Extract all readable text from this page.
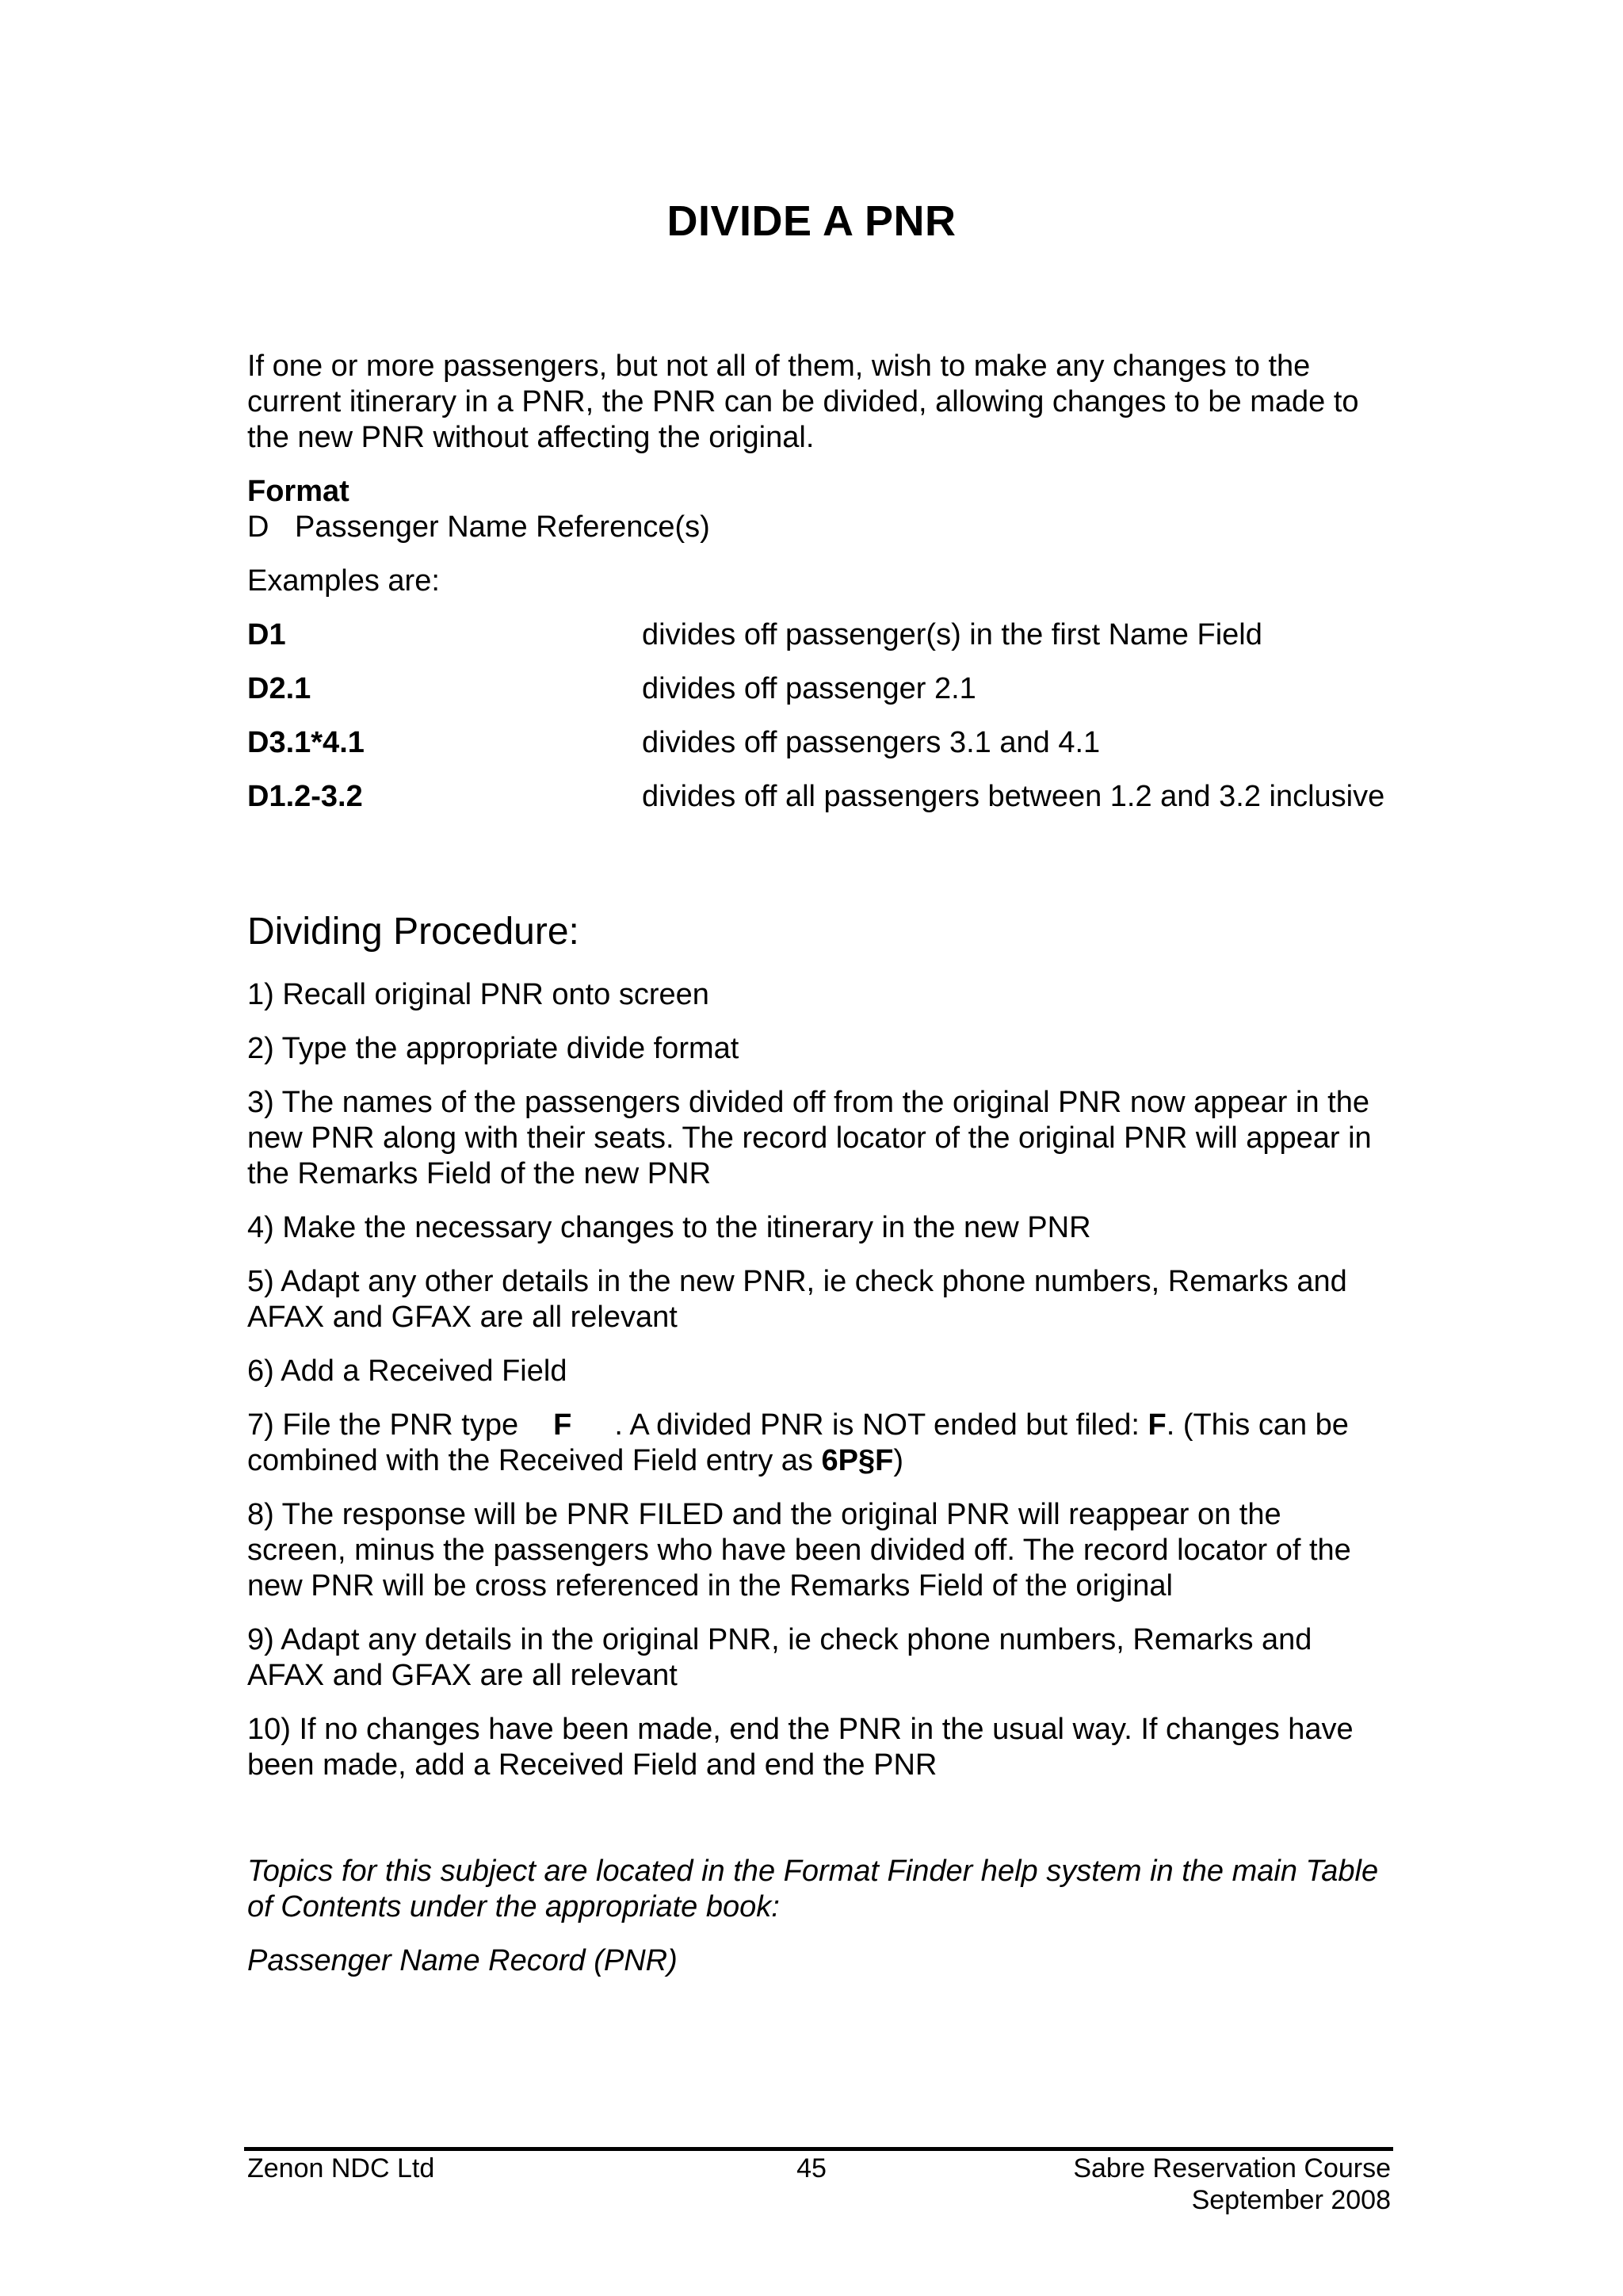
DIVIDE A PNR
If one or more passengers, but not all of them, wish to make any changes to the
current itinerary in a PNR, the PNR can be divided, allowing changes to be made to
the new PNR without affecting the original.
Format
D Passenger Name Reference(s)
Examples are:
D1	divides off passenger(s) in the first Name Field
D2.1	divides off passenger 2.1
D3.1*4.1	divides off passengers 3.1 and 4.1
D1.2-3.2	divides off all passengers between 1.2 and 3.2 inclusive
Dividing Procedure:
1) Recall original PNR onto screen
2) Type the appropriate divide format
3) The names of the passengers divided off from the original PNR now appear in the
new PNR along with their seats. The record locator of the original PNR will appear in
the Remarks Field of the new PNR
4) Make the necessary changes to the itinerary in the new PNR
5) Adapt any other details in the new PNR, ie check phone numbers, Remarks and
AFAX and GFAX are all relevant
6) Add a Received Field
7) File the PNR type F . A divided PNR is NOT ended but filed: F. (This can be
combined with the Received Field entry as 6P§F)
8) The response will be PNR FILED and the original PNR will reappear on the
screen, minus the passengers who have been divided off. The record locator of the
new PNR will be cross referenced in the Remarks Field of the original
9) Adapt any details in the original PNR, ie check phone numbers, Remarks and
AFAX and GFAX are all relevant
10) If no changes have been made, end the PNR in the usual way. If changes have
been made, add a Received Field and end the PNR
Topics for this subject are located in the Format Finder help system in the main Table
of Contents under the appropriate book:
Passenger Name Record (PNR)
Zenon NDC Ltd	45	Sabre Reservation Course
September 2008
